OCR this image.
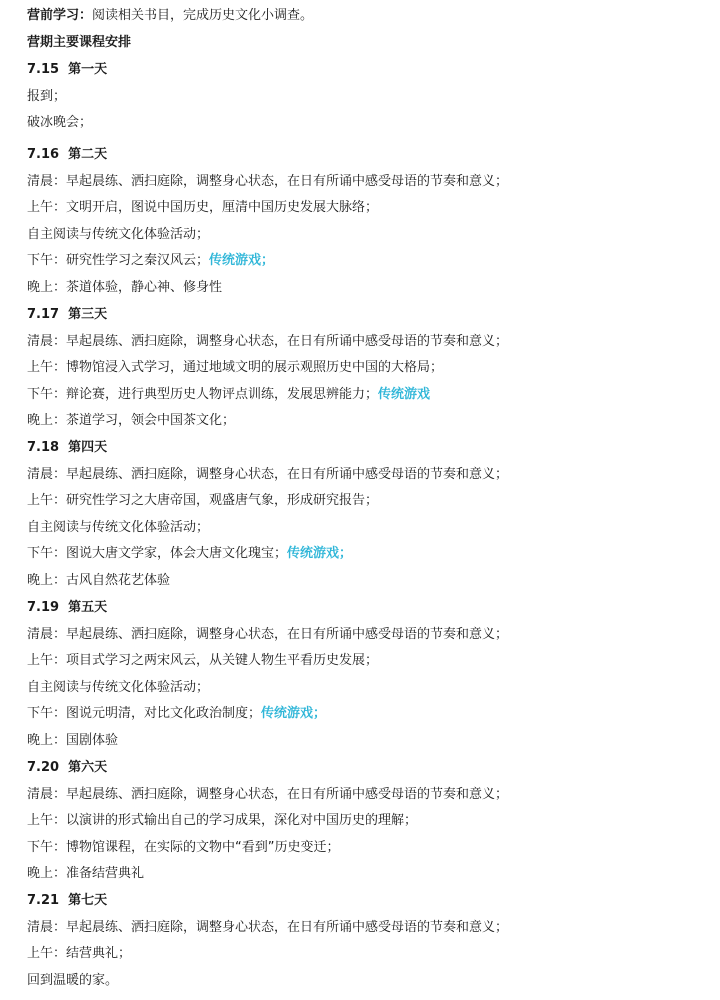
营前学习：阅读相关书目，完成历史文化小调查。
营期主要课程安排
7.15 第一天
报到；
破冰晚会；
7.16 第二天
清晨：早起晨练、洒扫庭除，调整身心状态，在日有所诵中感受母语的节奏和意义；
上午：文明开启，图说中国历史，厘清中国历史发展大脉络；
自主阅读与传统文化体验活动；
下午：研究性学习之秦汉风云；传统游戏；
晚上：茶道体验，静心神、修身性
7.17 第三天
清晨：早起晨练、洒扫庭除，调整身心状态，在日有所诵中感受母语的节奏和意义；
上午：博物馆浸入式学习，通过地域文明的展示观照历史中国的大格局；
下午：辩论赛，进行典型历史人物评点训练，发展思辨能力；传统游戏
晚上：茶道学习，领会中国茶文化；
7.18 第四天
清晨：早起晨练、洒扫庭除，调整身心状态，在日有所诵中感受母语的节奏和意义；
上午：研究性学习之大唐帝国，观盛唐气象，形成研究报告；
自主阅读与传统文化体验活动；
下午：图说大唐文学家，体会大唐文化瑰宝；传统游戏；
晚上：古风自然花艺体验
7.19 第五天
清晨：早起晨练、洒扫庭除，调整身心状态，在日有所诵中感受母语的节奏和意义；
上午：项目式学习之两宋风云，从关键人物生平看历史发展；
自主阅读与传统文化体验活动；
下午：图说元明清，对比文化政治制度；传统游戏；
晚上：国剧体验
7.20 第六天
清晨：早起晨练、洒扫庭除，调整身心状态，在日有所诵中感受母语的节奏和意义；
上午：以演讲的形式输出自己的学习成果，深化对中国历史的理解；
下午：博物馆课程，在实际的文物中“看到”历史变迁；
晚上：准备结营典礼
7.21 第七天
清晨：早起晨练、洒扫庭除，调整身心状态，在日有所诵中感受母语的节奏和意义；
上午：结营典礼；
回到温暖的家。
